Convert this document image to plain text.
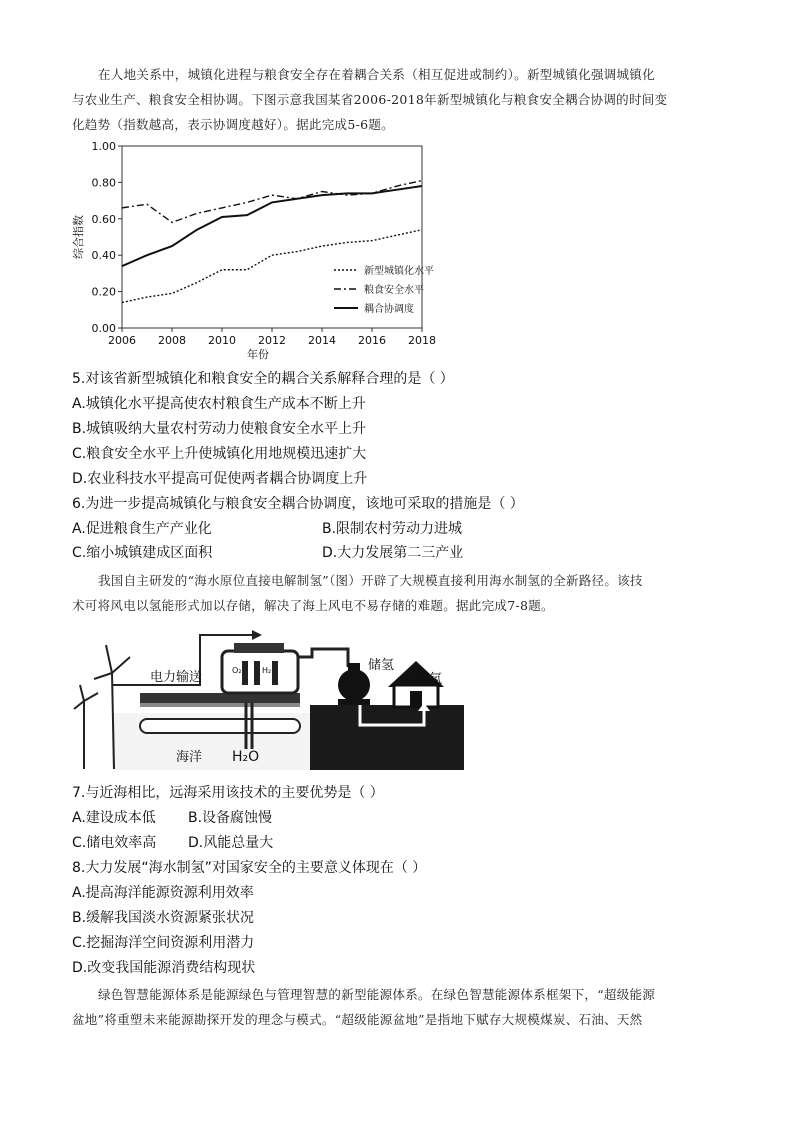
在人地关系中，城镇化进程与粮食安全存在着耦合关系（相互促进或制约）。新型城镇化强调城镇化
与农业生产、粮食安全相协调。下图示意我国某省2006-2018年新型城镇化与粮食安全耦合协调的时间变
化趋势（指数越高，表示协调度越好）。据此完成5-6题。
0.00
0.20
0.40
0.60
0.80
1.00
2006 2008 2010 2012 2014 2016 2018
年份
综合指数
新型城镇化水平
粮食安全水平
耦合协调度
5.对该省新型城镇化和粮食安全的耦合关系解释合理的是（ ）
A.城镇化水平提高使农村粮食生产成本不断上升
B.城镇吸纳大量农村劳动力使粮食安全水平上升
C.粮食安全水平上升使城镇化用地规模迅速扩大
D.农业科技水平提高可促使两者耦合协调度上升
6.为进一步提高城镇化与粮食安全耦合协调度，该地可采取的措施是（ ）
A.促进粮食生产产业化	B.限制农村劳动力进城
C.缩小城镇建成区面积	D.大力发展第二三产业
我国自主研发的“海水原位直接电解制氢”（图）开辟了大规模直接利用海水制氢的全新路径。该技
术可将风电以氢能形式加以存储，解决了海上风电不易存储的难题。据此完成7-8题。
O₂	H₂
电力输送
储氢
用氢
海洋 H₂O
7.与近海相比，远海采用该技术的主要优势是（ ）
A.建设成本低 B.设备腐蚀慢
C.储电效率高 D.风能总量大
8.大力发展“海水制氢”对国家安全的主要意义体现在（ ）
A.提高海洋能源资源利用效率
B.缓解我国淡水资源紧张状况
C.挖掘海洋空间资源利用潜力
D.改变我国能源消费结构现状
绿色智慧能源体系是能源绿色与管理智慧的新型能源体系。在绿色智慧能源体系框架下，“超级能源
盆地”将重塑未来能源勘探开发的理念与模式。“超级能源盆地”是指地下赋存大规模煤炭、石油、天然
